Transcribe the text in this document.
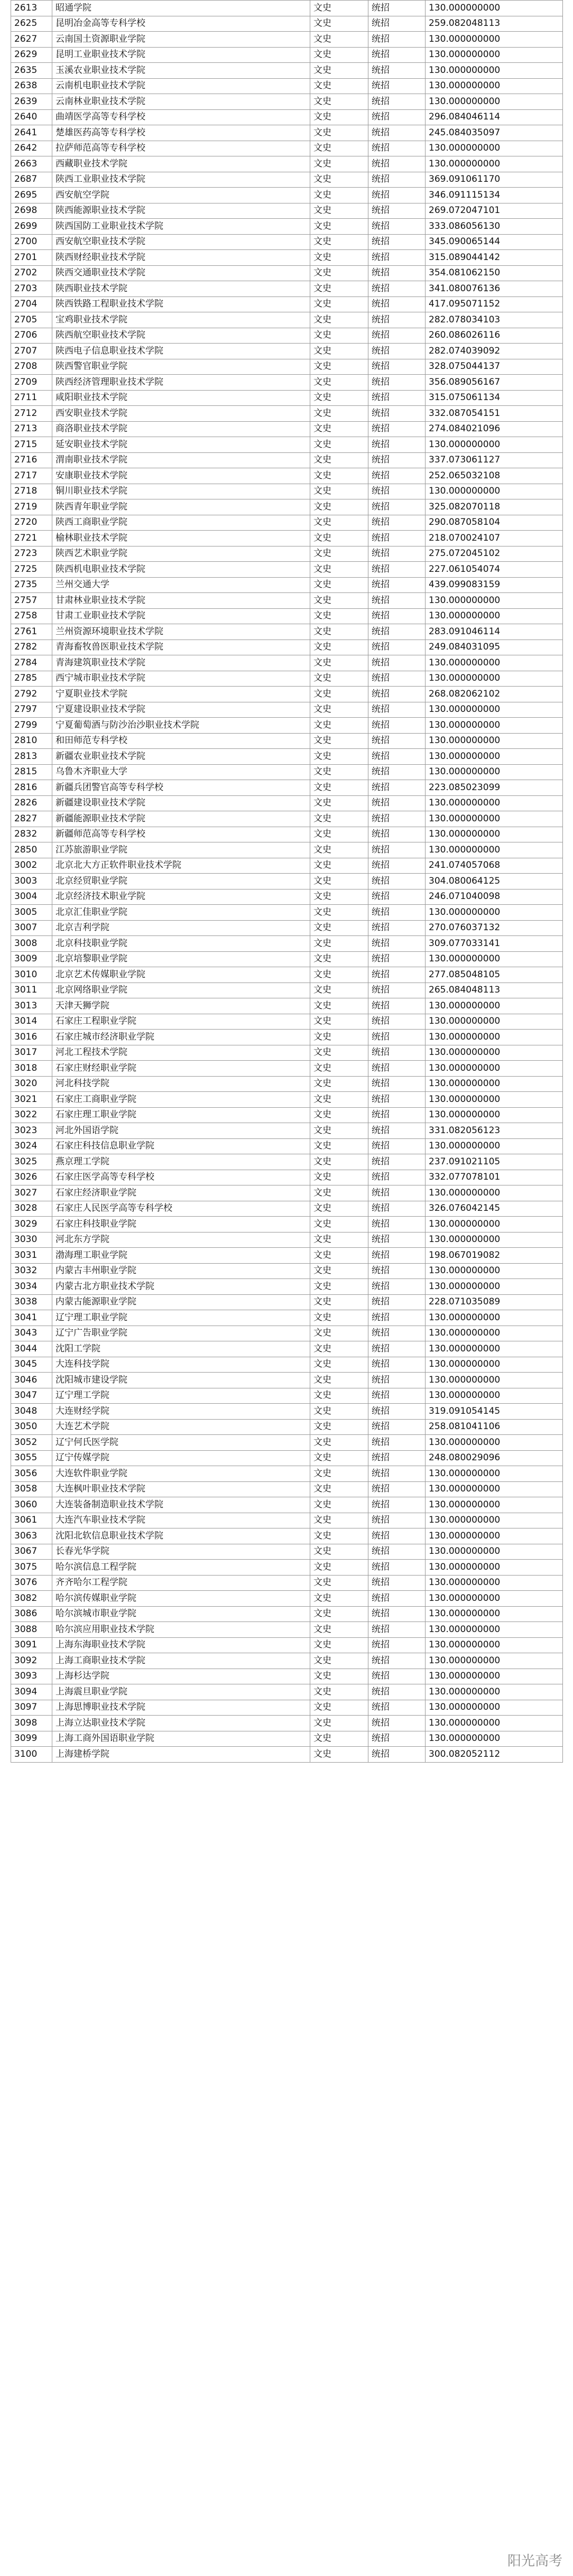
2613	昭通学院	文史	统招	130.000000000
2625	昆明冶金高等专科学校	文史	统招	259.082048113
2627	云南国土资源职业学院	文史	统招	130.000000000
2629	昆明工业职业技术学院	文史	统招	130.000000000
2635	玉溪农业职业技术学院	文史	统招	130.000000000
2638	云南机电职业技术学院	文史	统招	130.000000000
2639	云南林业职业技术学院	文史	统招	130.000000000
2640	曲靖医学高等专科学校	文史	统招	296.084046114
2641	楚雄医药高等专科学校	文史	统招	245.084035097
2642	拉萨师范高等专科学校	文史	统招	130.000000000
2663	西藏职业技术学院	文史	统招	130.000000000
2687	陕西工业职业技术学院	文史	统招	369.091061170
2695	西安航空学院	文史	统招	346.091115134
2698	陕西能源职业技术学院	文史	统招	269.072047101
2699	陕西国防工业职业技术学院	文史	统招	333.086056130
2700	西安航空职业技术学院	文史	统招	345.090065144
2701	陕西财经职业技术学院	文史	统招	315.089044142
2702	陕西交通职业技术学院	文史	统招	354.081062150
2703	陕西职业技术学院	文史	统招	341.080076136
2704	陕西铁路工程职业技术学院	文史	统招	417.095071152
2705	宝鸡职业技术学院	文史	统招	282.078034103
2706	陕西航空职业技术学院	文史	统招	260.086026116
2707	陕西电子信息职业技术学院	文史	统招	282.074039092
2708	陕西警官职业学院	文史	统招	328.075044137
2709	陕西经济管理职业技术学院	文史	统招	356.089056167
2711	咸阳职业技术学院	文史	统招	315.075061134
2712	西安职业技术学院	文史	统招	332.087054151
2713	商洛职业技术学院	文史	统招	274.084021096
2715	延安职业技术学院	文史	统招	130.000000000
2716	渭南职业技术学院	文史	统招	337.073061127
2717	安康职业技术学院	文史	统招	252.065032108
2718	铜川职业技术学院	文史	统招	130.000000000
2719	陕西青年职业学院	文史	统招	325.082070118
2720	陕西工商职业学院	文史	统招	290.087058104
2721	榆林职业技术学院	文史	统招	218.070024107
2723	陕西艺术职业学院	文史	统招	275.072045102
2725	陕西机电职业技术学院	文史	统招	227.061054074
2735	兰州交通大学	文史	统招	439.099083159
2757	甘肃林业职业技术学院	文史	统招	130.000000000
2758	甘肃工业职业技术学院	文史	统招	130.000000000
2761	兰州资源环境职业技术学院	文史	统招	283.091046114
2782	青海畜牧兽医职业技术学院	文史	统招	249.084031095
2784	青海建筑职业技术学院	文史	统招	130.000000000
2785	西宁城市职业技术学院	文史	统招	130.000000000
2792	宁夏职业技术学院	文史	统招	268.082062102
2797	宁夏建设职业技术学院	文史	统招	130.000000000
2799	宁夏葡萄酒与防沙治沙职业技术学院	文史	统招	130.000000000
2810	和田师范专科学校	文史	统招	130.000000000
2813	新疆农业职业技术学院	文史	统招	130.000000000
2815	乌鲁木齐职业大学	文史	统招	130.000000000
2816	新疆兵团警官高等专科学校	文史	统招	223.085023099
2826	新疆建设职业技术学院	文史	统招	130.000000000
2827	新疆能源职业技术学院	文史	统招	130.000000000
2832	新疆师范高等专科学校	文史	统招	130.000000000
2850	江苏旅游职业学院	文史	统招	130.000000000
3002	北京北大方正软件职业技术学院	文史	统招	241.074057068
3003	北京经贸职业学院	文史	统招	304.080064125
3004	北京经济技术职业学院	文史	统招	246.071040098
3005	北京汇佳职业学院	文史	统招	130.000000000
3007	北京吉利学院	文史	统招	270.076037132
3008	北京科技职业学院	文史	统招	309.077033141
3009	北京培黎职业学院	文史	统招	130.000000000
3010	北京艺术传媒职业学院	文史	统招	277.085048105
3011	北京网络职业学院	文史	统招	265.084048113
3013	天津天狮学院	文史	统招	130.000000000
3014	石家庄工程职业学院	文史	统招	130.000000000
3016	石家庄城市经济职业学院	文史	统招	130.000000000
3017	河北工程技术学院	文史	统招	130.000000000
3018	石家庄财经职业学院	文史	统招	130.000000000
3020	河北科技学院	文史	统招	130.000000000
3021	石家庄工商职业学院	文史	统招	130.000000000
3022	石家庄理工职业学院	文史	统招	130.000000000
3023	河北外国语学院	文史	统招	331.082056123
3024	石家庄科技信息职业学院	文史	统招	130.000000000
3025	燕京理工学院	文史	统招	237.091021105
3026	石家庄医学高等专科学校	文史	统招	332.077078101
3027	石家庄经济职业学院	文史	统招	130.000000000
3028	石家庄人民医学高等专科学校	文史	统招	326.076042145
3029	石家庄科技职业学院	文史	统招	130.000000000
3030	河北东方学院	文史	统招	130.000000000
3031	渤海理工职业学院	文史	统招	198.067019082
3032	内蒙古丰州职业学院	文史	统招	130.000000000
3034	内蒙古北方职业技术学院	文史	统招	130.000000000
3038	内蒙古能源职业学院	文史	统招	228.071035089
3041	辽宁理工职业学院	文史	统招	130.000000000
3043	辽宁广告职业学院	文史	统招	130.000000000
3044	沈阳工学院	文史	统招	130.000000000
3045	大连科技学院	文史	统招	130.000000000
3046	沈阳城市建设学院	文史	统招	130.000000000
3047	辽宁理工学院	文史	统招	130.000000000
3048	大连财经学院	文史	统招	319.091054145
3050	大连艺术学院	文史	统招	258.081041106
3052	辽宁何氏医学院	文史	统招	130.000000000
3055	辽宁传媒学院	文史	统招	248.080029096
3056	大连软件职业学院	文史	统招	130.000000000
3058	大连枫叶职业技术学院	文史	统招	130.000000000
3060	大连装备制造职业技术学院	文史	统招	130.000000000
3061	大连汽车职业技术学院	文史	统招	130.000000000
3063	沈阳北软信息职业技术学院	文史	统招	130.000000000
3067	长春光华学院	文史	统招	130.000000000
3075	哈尔滨信息工程学院	文史	统招	130.000000000
3076	齐齐哈尔工程学院	文史	统招	130.000000000
3082	哈尔滨传媒职业学院	文史	统招	130.000000000
3086	哈尔滨城市职业学院	文史	统招	130.000000000
3088	哈尔滨应用职业技术学院	文史	统招	130.000000000
3091	上海东海职业技术学院	文史	统招	130.000000000
3092	上海工商职业技术学院	文史	统招	130.000000000
3093	上海杉达学院	文史	统招	130.000000000
3094	上海震旦职业学院	文史	统招	130.000000000
3097	上海思博职业技术学院	文史	统招	130.000000000
3098	上海立达职业技术学院	文史	统招	130.000000000
3099	上海工商外国语职业学院	文史	统招	130.000000000
3100	上海建桥学院	文史	统招	300.082052112
阳光高考
